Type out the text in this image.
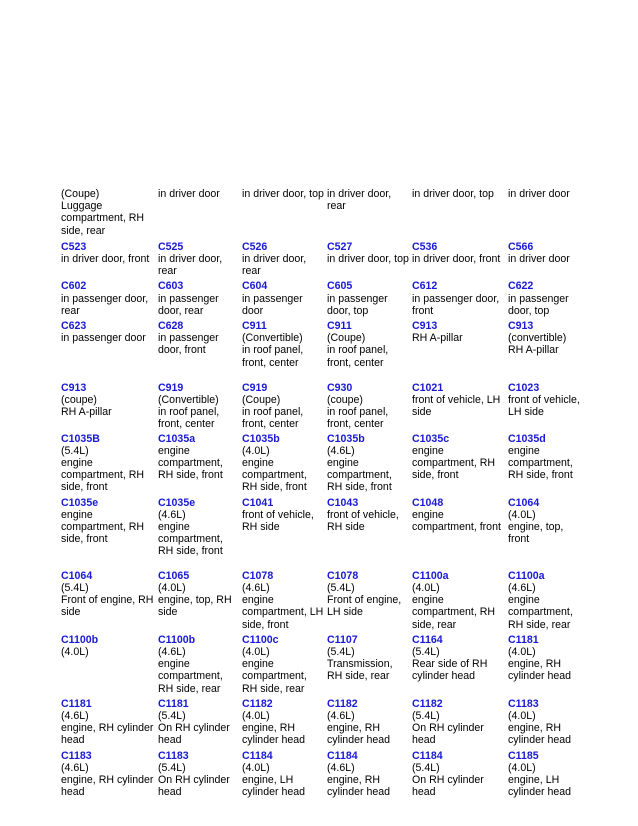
(Coupe)
Luggage
compartment, RH
side, rear
in driver door	in driver door, top in driver door,
rear
in driver door, top	in driver door
C523
in driver door, front
C525
in driver door,
rear
C526
in driver door,
rear
C527
in driver door, top
C536
in driver door, front
C566
in driver door
C602
in passenger door,
rear
C603
in passenger
door, rear
C604
in passenger
door
C605
in passenger
door, top
C612
in passenger door,
front
C622
in passenger
door, top
C623
in passenger door
C628
in passenger
door, front
C911
(Convertible)
in roof panel,
front, center
C911
(Coupe)
in roof panel,
front, center
C913
RH A-pillar
C913
(convertible)
RH A-pillar
C913
(coupe)
RH A-pillar
C919
(Convertible)
in roof panel,
front, center
C919
(Coupe)
in roof panel,
front, center
C930
(coupe)
in roof panel,
front, center
C1021
front of vehicle, LH
side
C1023
front of vehicle,
LH side
C1035B
(5.4L)
engine
compartment, RH
side, front
C1035a
engine
compartment,
RH side, front
C1035b
(4.0L)
engine
compartment,
RH side, front
C1035b
(4.6L)
engine
compartment,
RH side, front
C1035c
engine
compartment, RH
side, front
C1035d
engine
compartment,
RH side, front
C1035e
engine
compartment, RH
side, front
C1035e
(4.6L)
engine
compartment,
RH side, front
C1041
front of vehicle,
RH side
C1043
front of vehicle,
RH side
C1048
engine
compartment, front
C1064
(4.0L)
engine, top,
front
C1064
(5.4L)
Front of engine, RH
side
C1065
(4.0L)
engine, top, RH
side
C1078
(4.6L)
engine
compartment, LH
side, front
C1078
(5.4L)
Front of engine,
LH side
C1100a
(4.0L)
engine
compartment, RH
side, rear
C1100a
(4.6L)
engine
compartment,
RH side, rear
C1100b
(4.0L)
C1100b
(4.6L)
engine
compartment,
RH side, rear
C1100c
(4.0L)
engine
compartment,
RH side, rear
C1107
(5.4L)
Transmission,
RH side, rear
C1164
(5.4L)
Rear side of RH
cylinder head
C1181
(4.0L)
engine, RH
cylinder head
C1181
(4.6L)
engine, RH cylinder
head
C1181
(5.4L)
On RH cylinder
head
C1182
(4.0L)
engine, RH
cylinder head
C1182
(4.6L)
engine, RH
cylinder head
C1182
(5.4L)
On RH cylinder
head
C1183
(4.0L)
engine, RH
cylinder head
C1183
(4.6L)
engine, RH cylinder
head
C1183
(5.4L)
On RH cylinder
head
C1184
(4.0L)
engine, LH
cylinder head
C1184
(4.6L)
engine, RH
cylinder head
C1184
(5.4L)
On RH cylinder
head
C1185
(4.0L)
engine, LH
cylinder head
